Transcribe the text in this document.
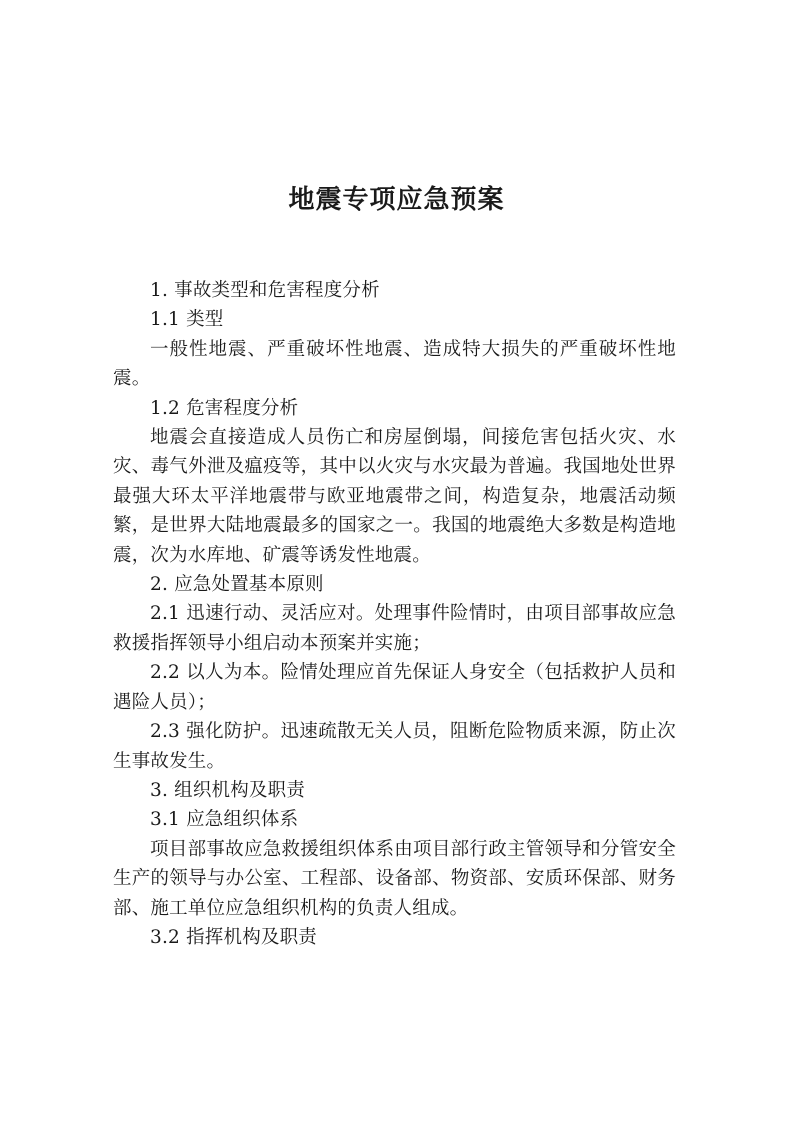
地震专项应急预案

1. 事故类型和危害程度分析

1.1 类型

一般性地震、严重破坏性地震、造成特大损失的严重破坏性地震。

1.2 危害程度分析

地震会直接造成人员伤亡和房屋倒塌，间接危害包括火灾、水灾、毒气外泄及瘟疫等，其中以火灾与水灾最为普遍。我国地处世界最强大环太平洋地震带与欧亚地震带之间，构造复杂，地震活动频繁，是世界大陆地震最多的国家之一。我国的地震绝大多数是构造地震，次为水库地、矿震等诱发性地震。

2. 应急处置基本原则

2.1 迅速行动、灵活应对。处理事件险情时，由项目部事故应急救援指挥领导小组启动本预案并实施；

2.2 以人为本。险情处理应首先保证人身安全（包括救护人员和遇险人员）；

2.3 强化防护。迅速疏散无关人员，阻断危险物质来源，防止次生事故发生。

3. 组织机构及职责

3.1 应急组织体系

项目部事故应急救援组织体系由项目部行政主管领导和分管安全生产的领导与办公室、工程部、设备部、物资部、安质环保部、财务部、施工单位应急组织机构的负责人组成。

3.2 指挥机构及职责
